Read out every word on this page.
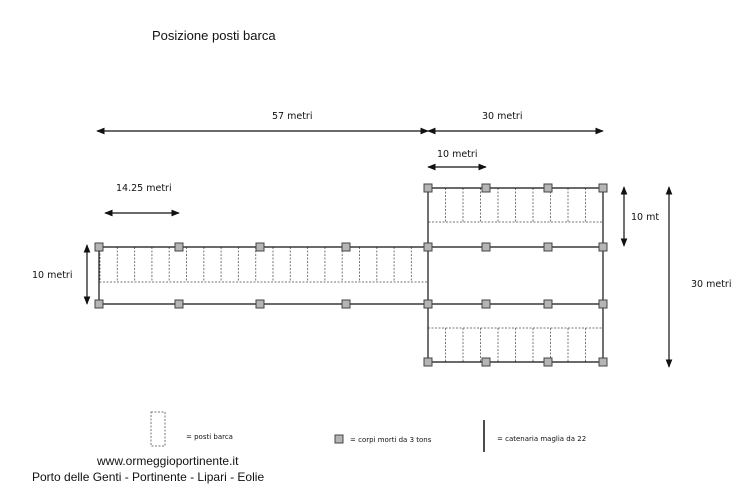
Posizione posti barca
57 metri	30 metri
10 metri
14.25 metri
10 metri
10 mt
30 metri
= posti barca	= corpi morti da 3 tons	= catenaria maglia da 22
www.ormeggioportinente.it
Porto delle Genti - Portinente - Lipari - Eolie
